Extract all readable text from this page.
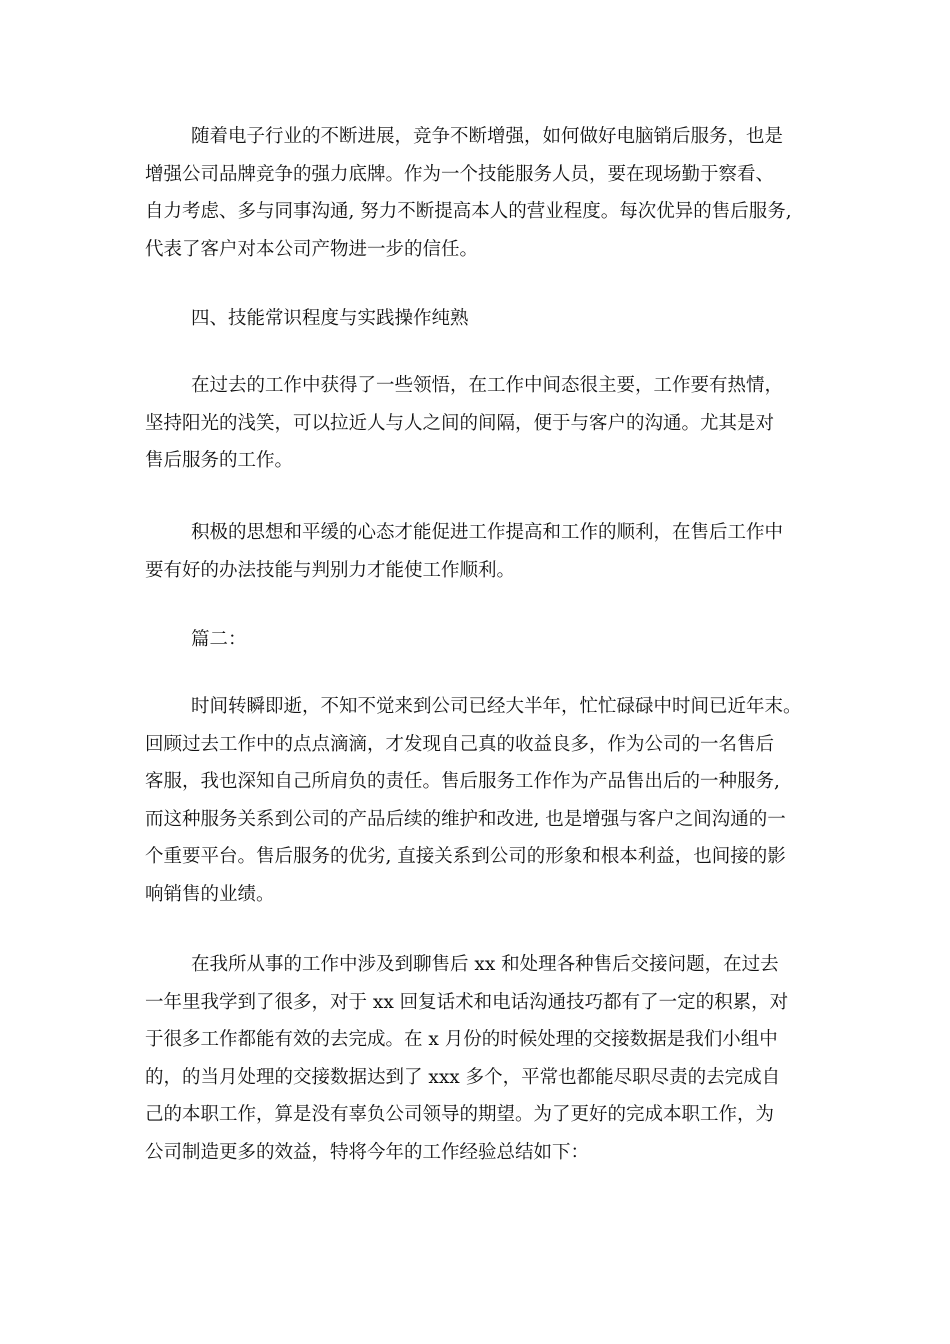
随着电子行业的不断进展，竞争不断增强，如何做好电脑销后服务，也是
增强公司品牌竞争的强力底牌。作为一个技能服务人员，要在现场勤于察看、
自力考虑、多与同事沟通, 努力不断提高本人的营业程度。每次优异的售后服务,
代表了客户对本公司产物进一步的信任。
四、技能常识程度与实践操作纯熟
在过去的工作中获得了一些领悟，在工作中间态很主要，工作要有热情，
坚持阳光的浅笑，可以拉近人与人之间的间隔，便于与客户的沟通。尤其是对
售后服务的工作。
积极的思想和平缓的心态才能促进工作提高和工作的顺利，在售后工作中
要有好的办法技能与判别力才能使工作顺利。
篇二：
时间转瞬即逝，不知不觉来到公司已经大半年，忙忙碌碌中时间已近年末。
回顾过去工作中的点点滴滴，才发现自己真的收益良多，作为公司的一名售后
客服，我也深知自己所肩负的责任。售后服务工作作为产品售出后的一种服务,
而这种服务关系到公司的产品后续的维护和改进, 也是增强与客户之间沟通的一
个重要平台。售后服务的优劣, 直接关系到公司的形象和根本利益，也间接的影
响销售的业绩。
在我所从事的工作中涉及到聊售后 xx 和处理各种售后交接问题，在过去
一年里我学到了很多，对于 xx 回复话术和电话沟通技巧都有了一定的积累，对
于很多工作都能有效的去完成。在 x 月份的时候处理的交接数据是我们小组中
的，的当月处理的交接数据达到了 xxx 多个，平常也都能尽职尽责的去完成自
己的本职工作，算是没有辜负公司领导的期望。为了更好的完成本职工作，为
公司制造更多的效益，特将今年的工作经验总结如下：
